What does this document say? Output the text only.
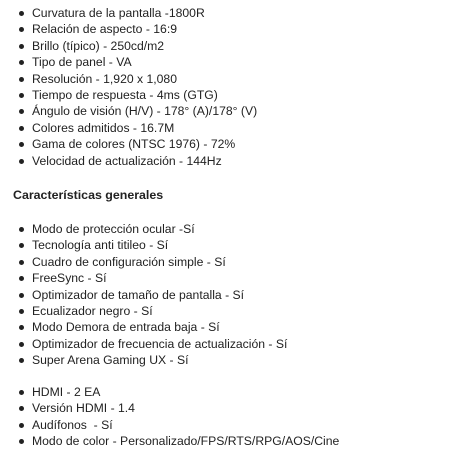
Curvatura de la pantalla -1800R
Relación de aspecto - 16:9
Brillo (típico) - 250cd/m2
Tipo de panel - VA
Resolución - 1,920 x 1,080
Tiempo de respuesta - 4ms (GTG)
Ángulo de visión (H/V) - 178° (A)/178° (V)
Colores admitidos - 16.7M
Gama de colores (NTSC 1976) - 72%
Velocidad de actualización - 144Hz
Características generales
Modo de protección ocular -Sí
Tecnología anti titileo - Sí
Cuadro de configuración simple - Sí
FreeSync - Sí
Optimizador de tamaño de pantalla - Sí
Ecualizador negro - Sí
Modo Demora de entrada baja - Sí
Optimizador de frecuencia de actualización - Sí
Super Arena Gaming UX - Sí
HDMI - 2 EA
Versión HDMI - 1.4
Audífonos  - Sí
Modo de color - Personalizado/FPS/RTS/RPG/AOS/Cine
